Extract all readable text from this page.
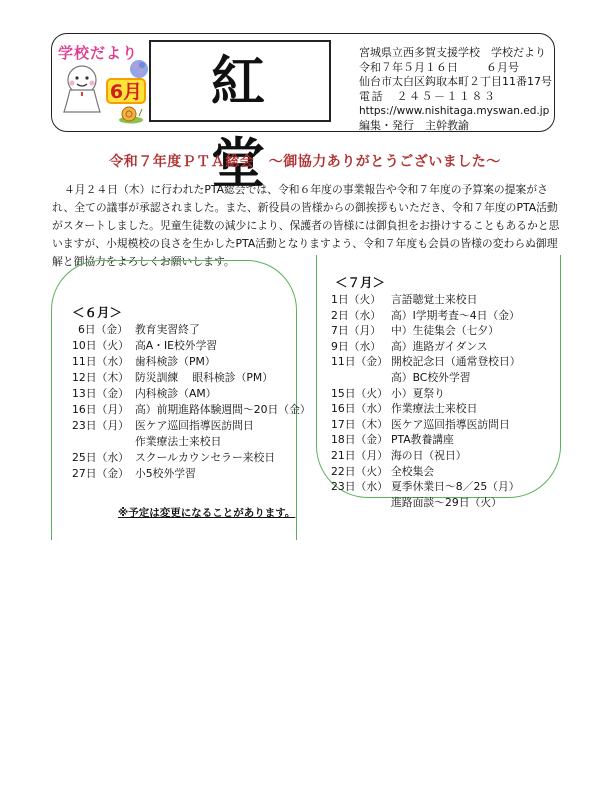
学校だより
6月	紅 堂
宮城県立西多賀支援学校　 学校だより
令和７年５月１６日	６月号
仙台市太白区鈎取本町２丁目11番17号
電話　 ２４５－１１８３
https://www.nishitaga.myswan.ed.jp
編集・発行　主幹教諭
令和７年度ＰＴＡ総会　～御協力ありがとうございました～
４月２４日（木）に行われたPTA総会では、令和６年度の事業報告や令和７年度の予算案の提案がされ、全ての議事が承認されました。また、新役員の皆様からの御挨拶もいただき、令和７年度のPTA活動がスタートしました。児童生徒数の減少により、保護者の皆様には御負担をお掛けすることもあるかと思いますが、小規模校の良さを生かしたPTA活動となりますよう、令和７年度も会員の皆様の変わらぬ御理解と御協力をよろしくお願いします。
＜６月＞
6日（金） 教育実習終了
10日（火） 高A・IE校外学習
11日（水） 歯科検診（PM）
12日（木） 防災訓練　 眼科検診（PM）
13日（金） 内科検診（AM）
16日（月） 高）前期進路体験週間～20日（金）
23日（月） 医ケア巡回指導医訪問日
作業療法士来校日
25日（水） スクールカウンセラー来校日
27日（金） 小5校外学習
※予定は変更になることがあります。
＜７月＞
1日（火） 言語聴覚士来校日
2日（水） 高）I学期考査～4日（金）
7日（月） 中）生徒集会（七夕）
9日（水） 高）進路ガイダンス
11日（金） 開校記念日（通常登校日）
高）BC校外学習
15日（火） 小）夏祭り
16日（水） 作業療法士来校日
17日（木） 医ケア巡回指導医訪問日
18日（金） PTA教養講座
21日（月） 海の日（祝日）
22日（火） 全校集会
23日（水） 夏季休業日～8／25（月）
進路面談～29日（火）
